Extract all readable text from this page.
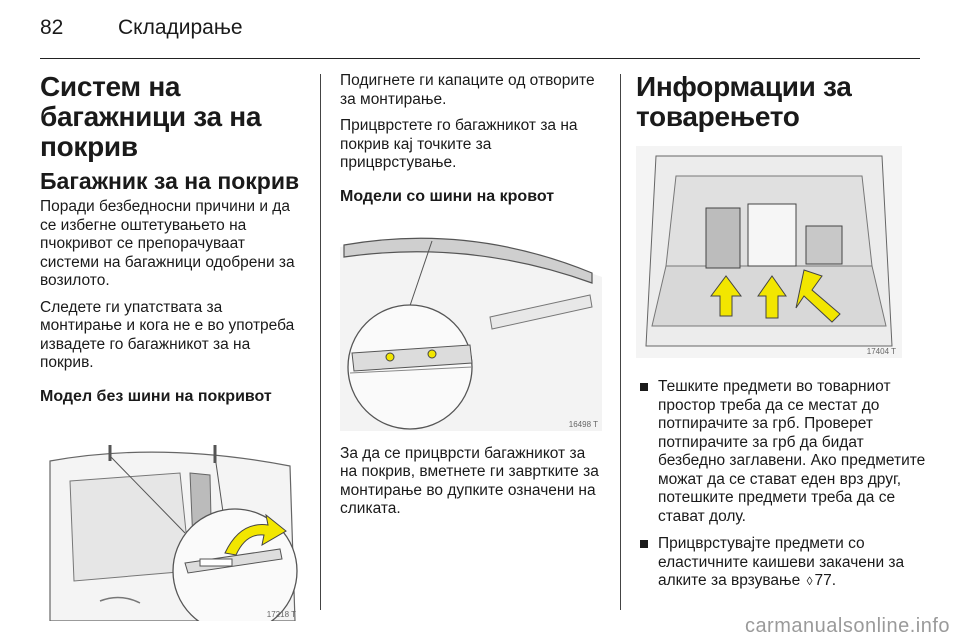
82	Складирање
Систем на багажници за на покрив
Багажник за на покрив

Поради безбедносни причини и да се избегне оштетувањето на пчокривот се препорачуваат системи на багажници одобрени за возилото.

Следете ги упатствата за монтирање и кога не е во употреба извадете го багажникот за на покрив.

Модел без шини на покривот
17218 T

Подигнете ги капаците од отворите за монтирање.

Прицврстете го багажникот за на покрив кај точките за прицврстување.

Модели со шини на кровот
16498 T

За да се прицврсти багажникот за на покрив, вметнете ги завртките за монтирање во дупките означени на сликата.

Информации за товарењето
17404 T
Тешките предмети во товарниот простор треба да се местат до потпирачите за грб. Проверет потпирачите за грб да бидат безбедно заглавени. Ако предметите можат да се стават еден врз друг, потешките предмети треба да се стават долу.
Прицврстувајте предмети со еластичните каишеви закачени за алките за врзување ◊ 77.
carmanualsonline.info
